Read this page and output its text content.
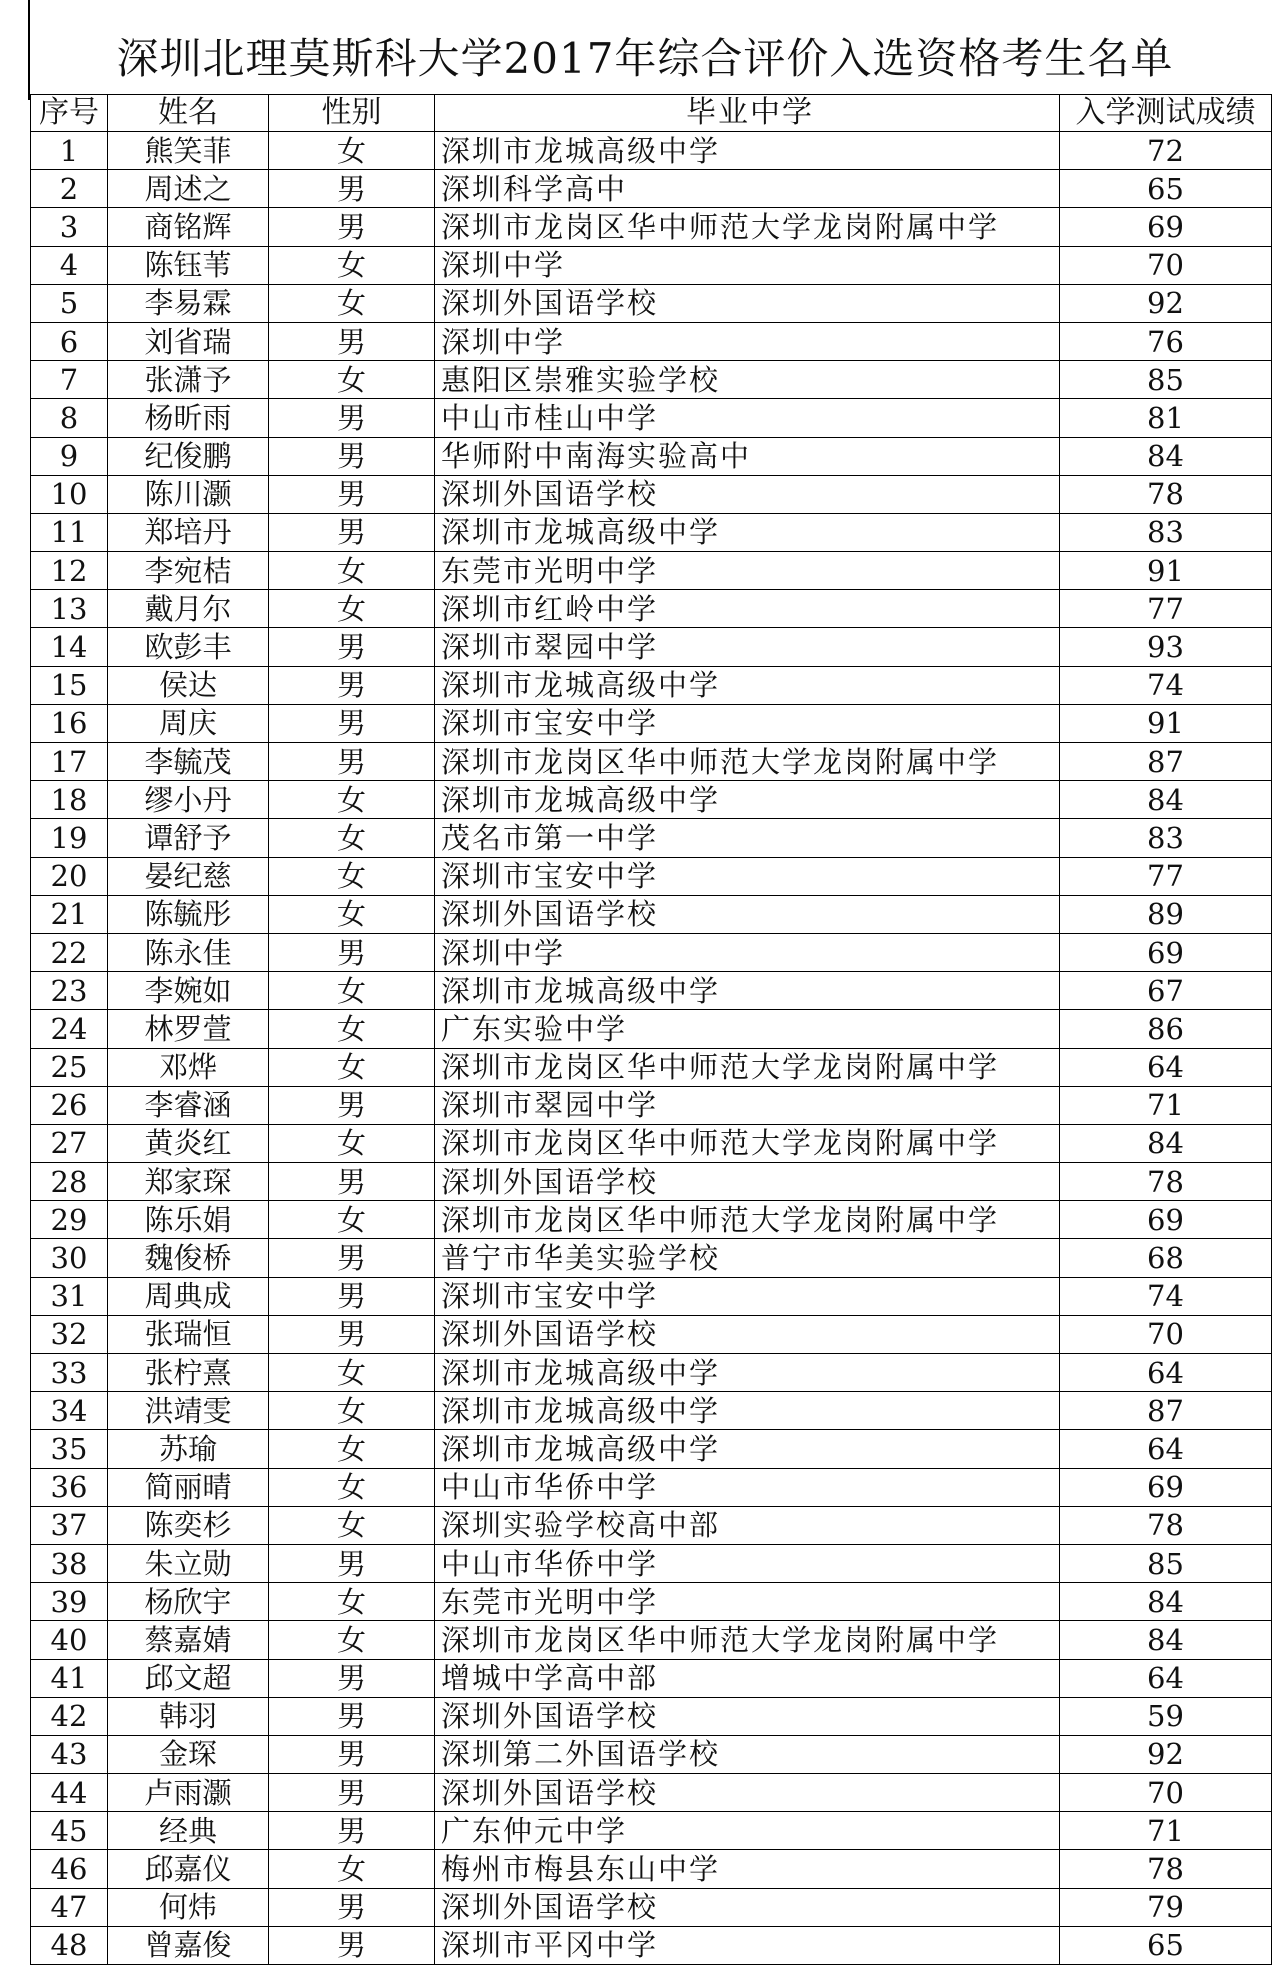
深圳北理莫斯科大学2017年综合评价入选资格考生名单
序号	姓名	性别	毕业中学	入学测试成绩
1	熊笑菲	女	深圳市龙城高级中学	72
2	周述之	男	深圳科学高中	65
3	商铭辉	男	深圳市龙岗区华中师范大学龙岗附属中学	69
4	陈钰苇	女	深圳中学	70
5	李易霖	女	深圳外国语学校	92
6	刘省瑞	男	深圳中学	76
7	张潇予	女	惠阳区崇雅实验学校	85
8	杨昕雨	男	中山市桂山中学	81
9	纪俊鹏	男	华师附中南海实验高中	84
10	陈川灏	男	深圳外国语学校	78
11	郑培丹	男	深圳市龙城高级中学	83
12	李宛桔	女	东莞市光明中学	91
13	戴月尔	女	深圳市红岭中学	77
14	欧彭丰	男	深圳市翠园中学	93
15	侯达	男	深圳市龙城高级中学	74
16	周庆	男	深圳市宝安中学	91
17	李毓茂	男	深圳市龙岗区华中师范大学龙岗附属中学	87
18	缪小丹	女	深圳市龙城高级中学	84
19	谭舒予	女	茂名市第一中学	83
20	晏纪慈	女	深圳市宝安中学	77
21	陈毓彤	女	深圳外国语学校	89
22	陈永佳	男	深圳中学	69
23	李婉如	女	深圳市龙城高级中学	67
24	林罗萱	女	广东实验中学	86
25	邓烨	女	深圳市龙岗区华中师范大学龙岗附属中学	64
26	李睿涵	男	深圳市翠园中学	71
27	黄炎红	女	深圳市龙岗区华中师范大学龙岗附属中学	84
28	郑家琛	男	深圳外国语学校	78
29	陈乐娟	女	深圳市龙岗区华中师范大学龙岗附属中学	69
30	魏俊桥	男	普宁市华美实验学校	68
31	周典成	男	深圳市宝安中学	74
32	张瑞恒	男	深圳外国语学校	70
33	张柠熹	女	深圳市龙城高级中学	64
34	洪靖雯	女	深圳市龙城高级中学	87
35	苏瑜	女	深圳市龙城高级中学	64
36	简丽晴	女	中山市华侨中学	69
37	陈奕杉	女	深圳实验学校高中部	78
38	朱立勋	男	中山市华侨中学	85
39	杨欣宇	女	东莞市光明中学	84
40	蔡嘉婧	女	深圳市龙岗区华中师范大学龙岗附属中学	84
41	邱文超	男	增城中学高中部	64
42	韩羽	男	深圳外国语学校	59
43	金琛	男	深圳第二外国语学校	92
44	卢雨灏	男	深圳外国语学校	70
45	经典	男	广东仲元中学	71
46	邱嘉仪	女	梅州市梅县东山中学	78
47	何炜	男	深圳外国语学校	79
48	曾嘉俊	男	深圳市平冈中学	65
